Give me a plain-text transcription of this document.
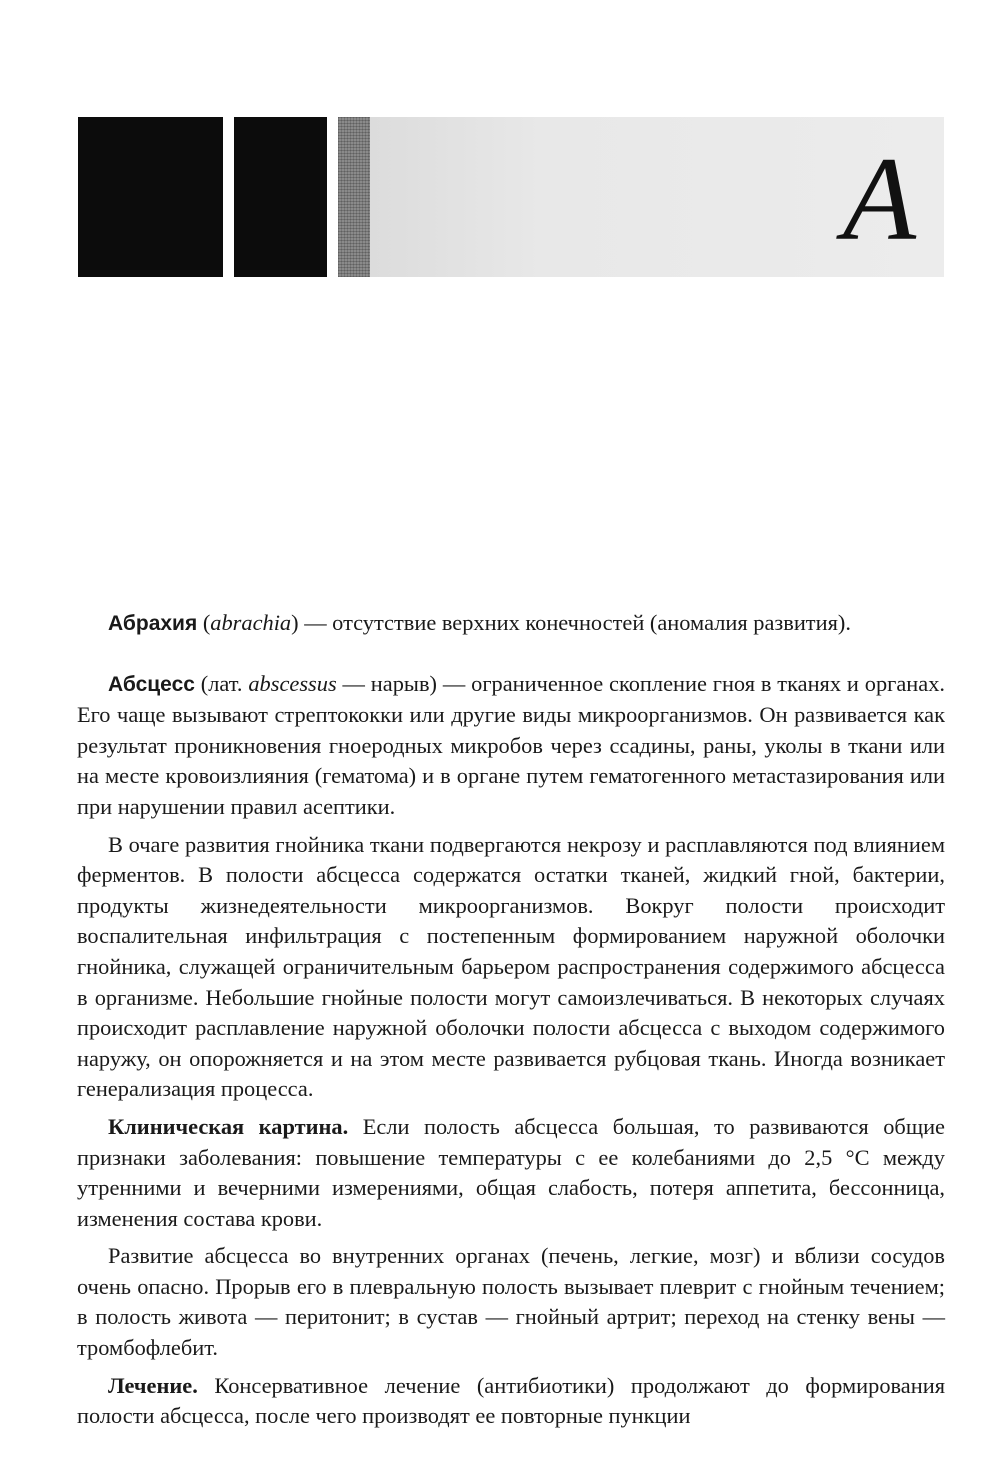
А

Абрахия (abrachia) — отсутствие верхних конечностей (аномалия развития).

Абсцесс (лат. abscessus — нарыв) — ограниченное скопление гноя в тканях и органах. Его чаще вызывают стрептококки или другие виды микроорганизмов. Он развивается как результат проникновения гноеродных микробов через ссадины, раны, уколы в ткани или на месте кровоизлияния (гематома) и в органе путем гематогенного метастазирования или при нарушении правил асептики.

В очаге развития гнойника ткани подвергаются некрозу и расплавляются под влиянием ферментов. В полости абсцесса содержатся остатки тканей, жидкий гной, бактерии, продукты жизнедеятельности микроорганизмов. Вокруг полости происходит воспалительная инфильтрация с постепенным формированием наружной оболочки гнойника, служащей ограничительным барьером распространения содержимого абсцесса в организме. Небольшие гнойные полости могут самоизлечиваться. В некоторых случаях происходит расплавление наружной оболочки полости абсцесса с выходом содержимого наружу, он опорожняется и на этом месте развивается рубцовая ткань. Иногда возникает генерализация процесса.

Клиническая картина. Если полость абсцесса большая, то развиваются общие признаки заболевания: повышение температуры с ее колебаниями до 2,5 °C между утренними и вечерними измерениями, общая слабость, потеря аппетита, бессонница, изменения состава крови.

Развитие абсцесса во внутренних органах (печень, легкие, мозг) и вблизи сосудов очень опасно. Прорыв его в плевральную полость вызывает плеврит с гнойным течением; в полость живота — перитонит; в сустав — гнойный артрит; переход на стенку вены — тромбофлебит.

Лечение. Консервативное лечение (антибиотики) продолжают до формирования полости абсцесса, после чего производят ее повторные пункции
